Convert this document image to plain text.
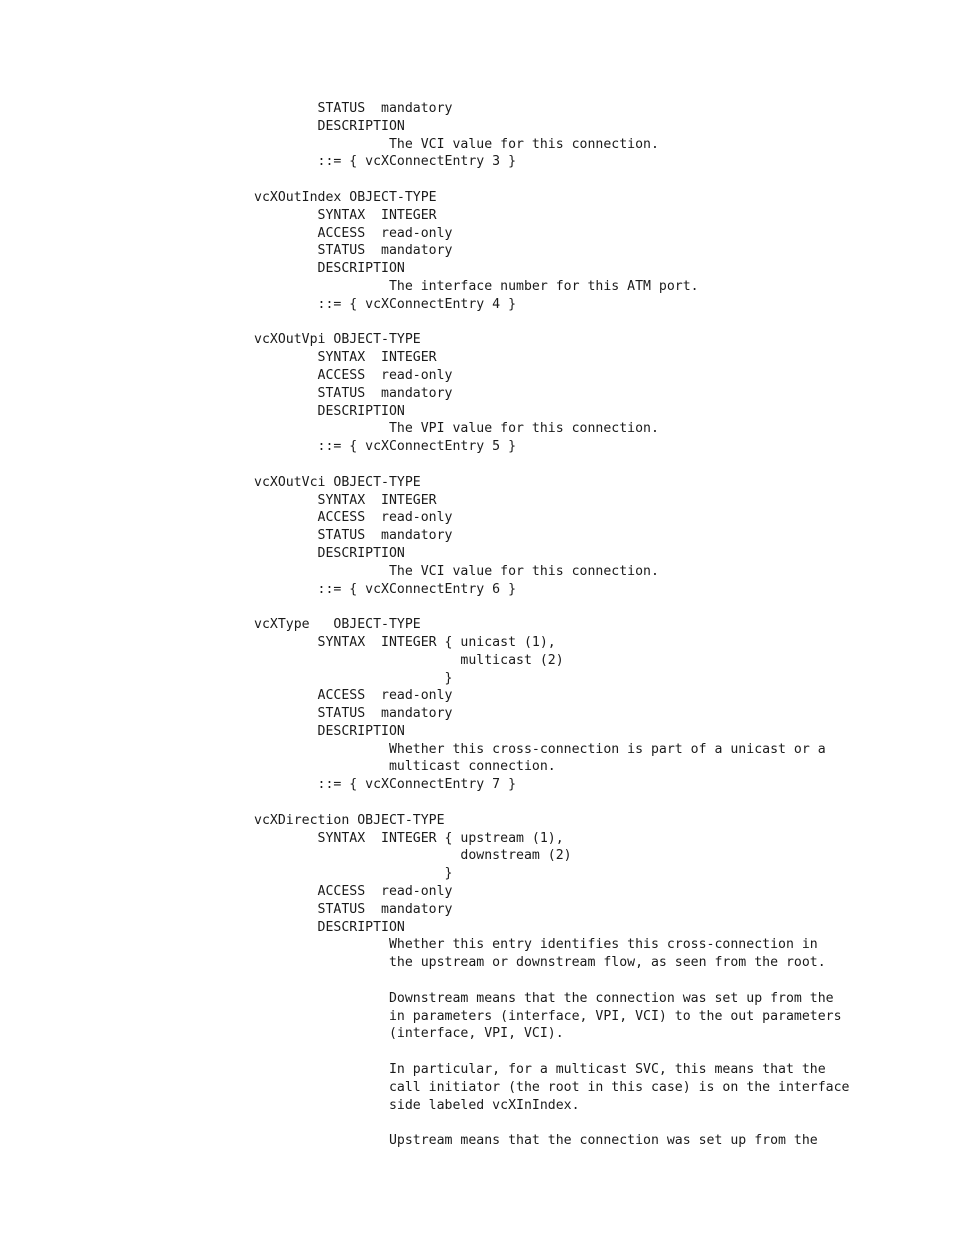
STATUS  mandatory
DESCRIPTION
The VCI value for this connection.
::= { vcXConnectEntry 3 }
vcXOutIndex OBJECT-TYPE
SYNTAX  INTEGER
ACCESS  read-only
STATUS  mandatory
DESCRIPTION
The interface number for this ATM port.
::= { vcXConnectEntry 4 }
vcXOutVpi OBJECT-TYPE
SYNTAX  INTEGER
ACCESS  read-only
STATUS  mandatory
DESCRIPTION
The VPI value for this connection.
::= { vcXConnectEntry 5 }
vcXOutVci OBJECT-TYPE
SYNTAX  INTEGER
ACCESS  read-only
STATUS  mandatory
DESCRIPTION
The VCI value for this connection.
::= { vcXConnectEntry 6 }
vcXType   OBJECT-TYPE
SYNTAX  INTEGER { unicast (1),
multicast (2)
}
ACCESS  read-only
STATUS  mandatory
DESCRIPTION
Whether this cross-connection is part of a unicast or a
multicast connection.
::= { vcXConnectEntry 7 }
vcXDirection OBJECT-TYPE
SYNTAX  INTEGER { upstream (1),
downstream (2)
}
ACCESS  read-only
STATUS  mandatory
DESCRIPTION
Whether this entry identifies this cross-connection in
the upstream or downstream flow, as seen from the root.
Downstream means that the connection was set up from the
in parameters (interface, VPI, VCI) to the out parameters
(interface, VPI, VCI).
In particular, for a multicast SVC, this means that the
call initiator (the root in this case) is on the interface
side labeled vcXInIndex.
Upstream means that the connection was set up from the
